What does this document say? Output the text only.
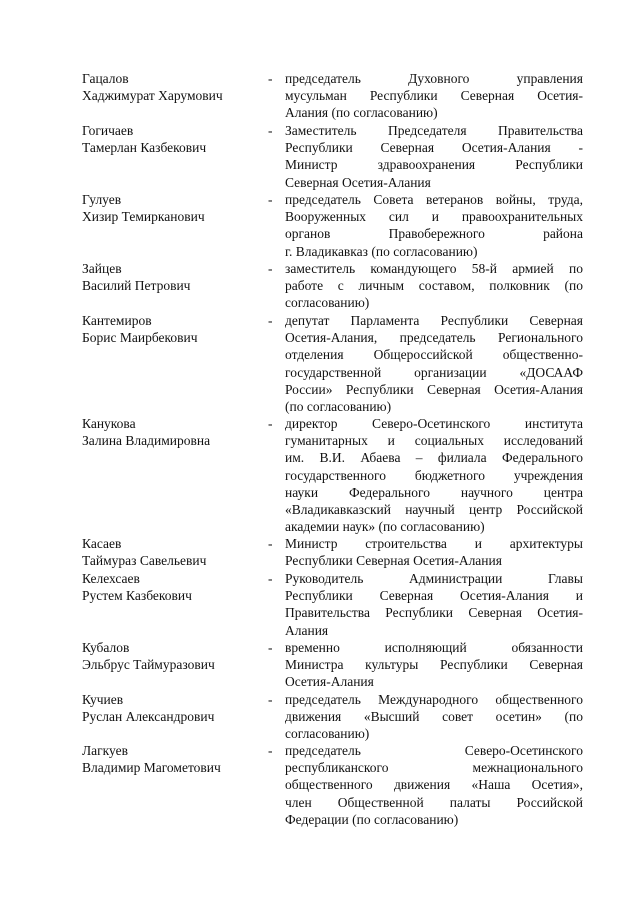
Гацалов
Хаджимурат Харумович
- председатель Духовного управления
мусульман Республики Северная Осетия-
Алания (по согласованию)
Гогичаев
Тамерлан Казбекович
- Заместитель Председателя Правительства
Республики Северная Осетия-Алания -
Министр здравоохранения Республики
Северная Осетия-Алания
Гулуев
Хизир Темирканович
- председатель Совета ветеранов войны, труда,
Вооруженных сил и правоохранительных
органов Правобережного района
г. Владикавказ (по согласованию)
Зайцев
Василий Петрович
- заместитель командующего 58-й армией по
работе с личным составом, полковник (по
согласованию)
Кантемиров
Борис Маирбекович
- депутат Парламента Республики Северная
Осетия-Алания, председатель Регионального
отделения Общероссийской общественно-
государственной организации «ДОСААФ
России» Республики Северная Осетия-Алания
(по согласованию)
Канукова
Залина Владимировна
- директор Северо-Осетинского института
гуманитарных и социальных исследований
им. В.И. Абаева – филиала Федерального
государственного бюджетного учреждения
науки Федерального научного центра
«Владикавказский научный центр Российской
академии наук» (по согласованию)
Касаев
Таймураз Савельевич
- Министр строительства и архитектуры
Республики Северная Осетия-Алания
Келехсаев
Рустем Казбекович
- Руководитель Администрации Главы
Республики Северная Осетия-Алания и
Правительства Республики Северная Осетия-
Алания
Кубалов
Эльбрус Таймуразович
- временно исполняющий обязанности
Министра культуры Республики Северная
Осетия-Алания
Кучиев
Руслан Александрович
- председатель Международного общественного
движения «Высший совет осетин» (по
согласованию)
Лагкуев
Владимир Магометович
- председатель Северо-Осетинского
республиканского межнационального
общественного движения «Наша Осетия»,
член Общественной палаты Российской
Федерации (по согласованию)
